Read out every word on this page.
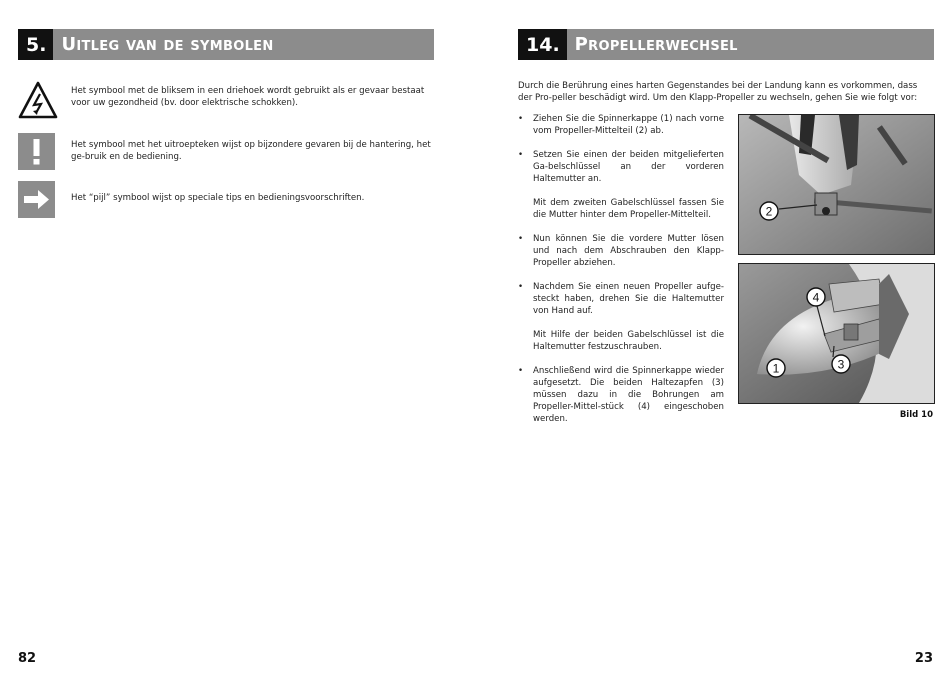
5. Uitleg van de symbolen
Het symbool met de bliksem in een driehoek wordt gebruikt als er gevaar bestaat voor uw gezondheid (bv. door elektrische schokken).
Het symbool met het uitroepteken wijst op bijzondere gevaren bij de hantering, het ge-bruik en de bediening.
Het “pijl” symbool wijst op speciale tips en bedieningsvoorschriften.
82
14. Propellerwechsel
Durch die Berührung eines harten Gegenstandes bei der Landung kann es vorkommen, dass der Pro-peller beschädigt wird. Um den Klapp-Propeller zu wechseln, gehen Sie wie folgt vor:
• Ziehen Sie die Spinnerkappe (1) nach vorne vom Propeller-Mittelteil (2) ab.
• Setzen Sie einen der beiden mitgelieferten Ga-belschlüssel an der vorderen Haltemutter an.
Mit dem zweiten Gabelschlüssel fassen Sie die Mutter hinter dem Propeller-Mittelteil.
• Nun können Sie die vordere Mutter lösen und nach dem Abschrauben den Klapp-Propeller abziehen.
• Nachdem Sie einen neuen Propeller aufge-steckt haben, drehen Sie die Haltemutter von Hand auf.
Mit Hilfe der beiden Gabelschlüssel ist die Haltemutter festzuschrauben.
• Anschließend wird die Spinnerkappe wieder aufgesetzt. Die beiden Haltezapfen (3) müssen dazu in die Bohrungen am Propeller-Mittel-stück (4) eingeschoben werden.
2
4
1	3
Bild 10
23
